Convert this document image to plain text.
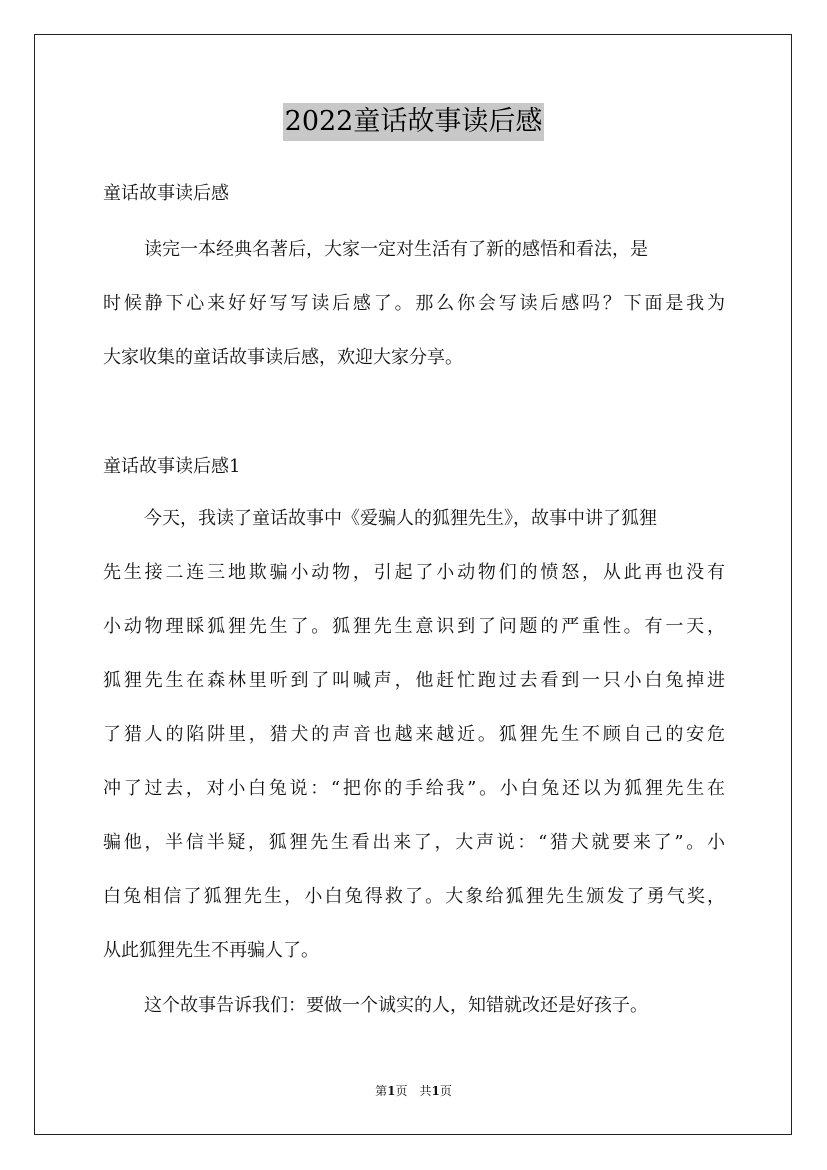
2022童话故事读后感
童话故事读后感
读完一本经典名著后，大家一定对生活有了新的感悟和看法，是
时候静下心来好好写写读后感了。那么你会写读后感吗？下面是我为
大家收集的童话故事读后感，欢迎大家分享。
童话故事读后感1
今天，我读了童话故事中《爱骗人的狐狸先生》，故事中讲了狐狸
先生接二连三地欺骗小动物，引起了小动物们的愤怒，从此再也没有
小动物理睬狐狸先生了。狐狸先生意识到了问题的严重性。有一天，
狐狸先生在森林里听到了叫喊声，他赶忙跑过去看到一只小白兔掉进
了猎人的陷阱里，猎犬的声音也越来越近。狐狸先生不顾自己的安危
冲了过去，对小白兔说：“把你的手给我”。小白兔还以为狐狸先生在
骗他，半信半疑，狐狸先生看出来了，大声说：“猎犬就要来了”。小
白兔相信了狐狸先生，小白兔得救了。大象给狐狸先生颁发了勇气奖，
从此狐狸先生不再骗人了。
这个故事告诉我们：要做一个诚实的人，知错就改还是好孩子。
第1页 共1页
